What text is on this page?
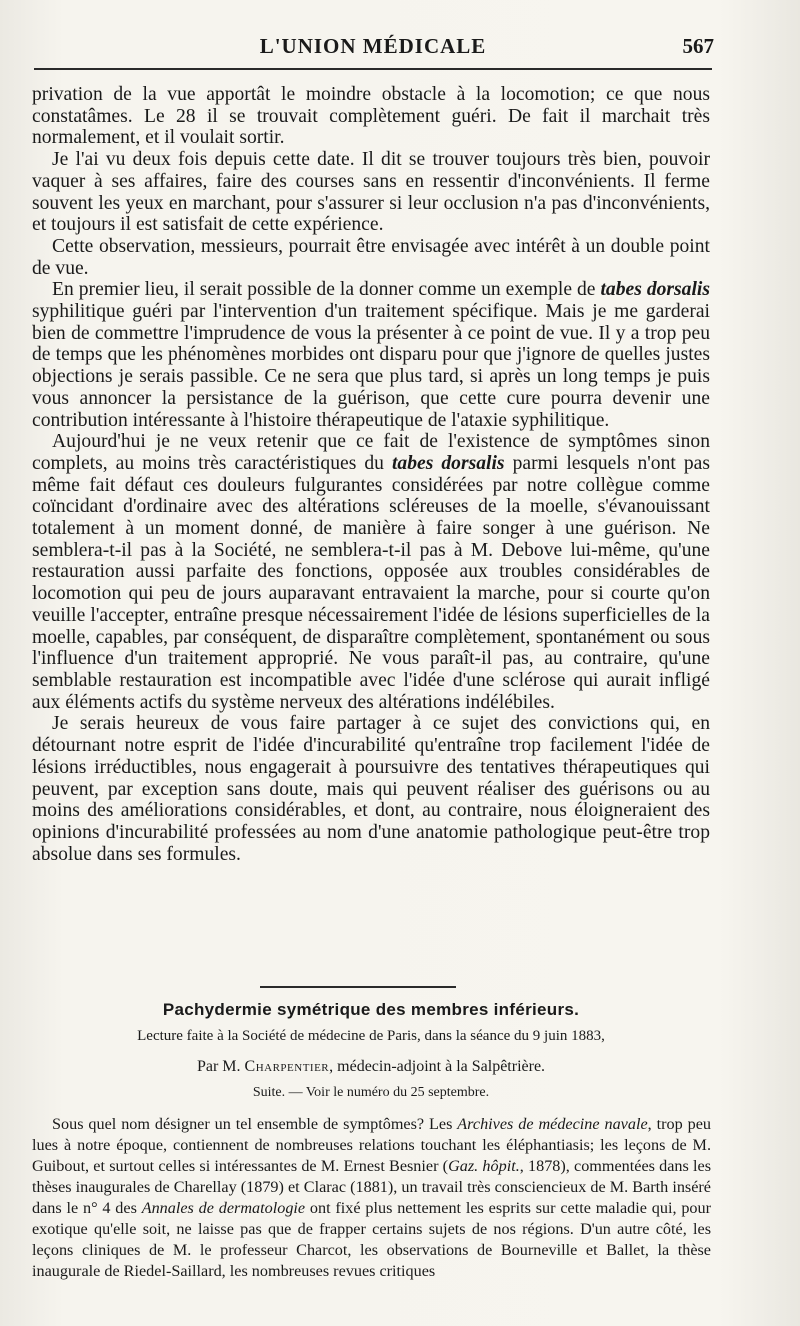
L'UNION MÉDICALE	567

privation de la vue apportât le moindre obstacle à la locomotion; ce que nous constatâmes. Le 28 il se trouvait complètement guéri. De fait il marchait très normalement, et il voulait sortir.

Je l'ai vu deux fois depuis cette date. Il dit se trouver toujours très bien, pouvoir vaquer à ses affaires, faire des courses sans en ressentir d'inconvénients. Il ferme souvent les yeux en marchant, pour s'assurer si leur occlusion n'a pas d'inconvénients, et toujours il est satisfait de cette expérience.

Cette observation, messieurs, pourrait être envisagée avec intérêt à un double point de vue.

En premier lieu, il serait possible de la donner comme un exemple de tabes dorsalis syphilitique guéri par l'intervention d'un traitement spécifique. Mais je me garderai bien de commettre l'imprudence de vous la présenter à ce point de vue. Il y a trop peu de temps que les phénomènes morbides ont disparu pour que j'ignore de quelles justes objections je serais passible. Ce ne sera que plus tard, si après un long temps je puis vous annoncer la persistance de la guérison, que cette cure pourra devenir une contribution intéressante à l'histoire thérapeutique de l'ataxie syphilitique.

Aujourd'hui je ne veux retenir que ce fait de l'existence de symptômes sinon complets, au moins très caractéristiques du tabes dorsalis parmi lesquels n'ont pas même fait défaut ces douleurs fulgurantes considérées par notre collègue comme coïncidant d'ordinaire avec des altérations scléreuses de la moelle, s'évanouissant totalement à un moment donné, de manière à faire songer à une guérison. Ne semblera-t-il pas à la Société, ne semblera-t-il pas à M. Debove lui-même, qu'une restauration aussi parfaite des fonctions, opposée aux troubles considérables de locomotion qui peu de jours auparavant entravaient la marche, pour si courte qu'on veuille l'accepter, entraîne presque nécessairement l'idée de lésions superficielles de la moelle, capables, par conséquent, de disparaître complètement, spontanément ou sous l'influence d'un traitement approprié. Ne vous paraît-il pas, au contraire, qu'une semblable restauration est incompatible avec l'idée d'une sclérose qui aurait infligé aux éléments actifs du système nerveux des altérations indélébiles.

Je serais heureux de vous faire partager à ce sujet des convictions qui, en détournant notre esprit de l'idée d'incurabilité qu'entraîne trop facilement l'idée de lésions irréductibles, nous engagerait à poursuivre des tentatives thérapeutiques qui peuvent, par exception sans doute, mais qui peuvent réaliser des guérisons ou au moins des améliorations considérables, et dont, au contraire, nous éloigneraient des opinions d'incurabilité professées au nom d'une anatomie pathologique peut-être trop absolue dans ses formules.

Pachydermie symétrique des membres inférieurs.
Lecture faite à la Société de médecine de Paris, dans la séance du 9 juin 1883,
Par M. Charpentier, médecin-adjoint à la Salpêtrière.
Suite. — Voir le numéro du 25 septembre.

Sous quel nom désigner un tel ensemble de symptômes? Les Archives de médecine navale, trop peu lues à notre époque, contiennent de nombreuses relations touchant les éléphantiasis; les leçons de M. Guibout, et surtout celles si intéressantes de M. Ernest Besnier (Gaz. hôpit., 1878), commentées dans les thèses inaugurales de Charellay (1879) et Clarac (1881), un travail très consciencieux de M. Barth inséré dans le n° 4 des Annales de dermatologie ont fixé plus nettement les esprits sur cette maladie qui, pour exotique qu'elle soit, ne laisse pas que de frapper certains sujets de nos régions. D'un autre côté, les leçons cliniques de M. le professeur Charcot, les observations de Bourneville et Ballet, la thèse inaugurale de Riedel-Saillard, les nombreuses revues critiques
